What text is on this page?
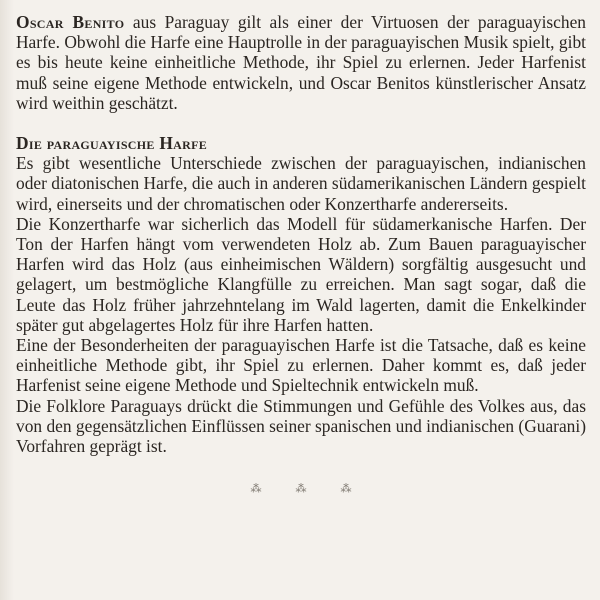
Oscar Benito aus Paraguay gilt als einer der Virtuosen der paraguayischen Harfe. Obwohl die Harfe eine Hauptrolle in der paraguayischen Musik spielt, gibt es bis heute keine einheitliche Methode, ihr Spiel zu erlernen. Jeder Harfenist muß seine eigene Methode entwickeln, und Oscar Benitos künstlerischer Ansatz wird weithin geschätzt.

Die paraguayische Harfe

Es gibt wesentliche Unterschiede zwischen der paraguayischen, indianischen oder diatonischen Harfe, die auch in anderen südamerikanischen Ländern gespielt wird, einerseits und der chromatischen oder Konzertharfe andererseits.

Die Konzertharfe war sicherlich das Modell für südamerkanische Harfen. Der Ton der Harfen hängt vom verwendeten Holz ab. Zum Bauen paraguayischer Harfen wird das Holz (aus einheimischen Wäldern) sorgfältig ausgesucht und gelagert, um bestmögliche Klangfülle zu erreichen. Man sagt sogar, daß die Leute das Holz früher jahrzehntelang im Wald lagerten, damit die Enkelkinder später gut abgelagertes Holz für ihre Harfen hatten.

Eine der Besonderheiten der paraguayischen Harfe ist die Tatsache, daß es keine einheitliche Methode gibt, ihr Spiel zu erlernen. Daher kommt es, daß jeder Harfenist seine eigene Methode und Spieltechnik entwickeln muß.

Die Folklore Paraguays drückt die Stimmungen und Gefühle des Volkes aus, das von den gegensätzlichen Einflüssen seiner spanischen und indianischen (Guarani) Vorfahren geprägt ist.

⁂	⁂	⁂
